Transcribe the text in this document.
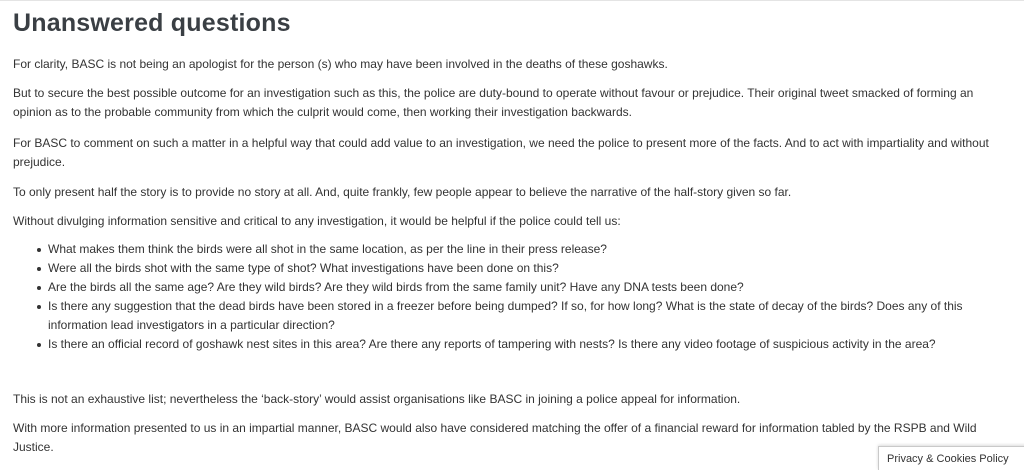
Unanswered questions

For clarity, BASC is not being an apologist for the person (s) who may have been involved in the deaths of these goshawks.

But to secure the best possible outcome for an investigation such as this, the police are duty-bound to operate without favour or prejudice. Their original tweet smacked of forming an opinion as to the probable community from which the culprit would come, then working their investigation backwards.

For BASC to comment on such a matter in a helpful way that could add value to an investigation, we need the police to present more of the facts. And to act with impartiality and without prejudice.

To only present half the story is to provide no story at all. And, quite frankly, few people appear to believe the narrative of the half-story given so far.

Without divulging information sensitive and critical to any investigation, it would be helpful if the police could tell us:

What makes them think the birds were all shot in the same location, as per the line in their press release?
Were all the birds shot with the same type of shot? What investigations have been done on this?
Are the birds all the same age? Are they wild birds? Are they wild birds from the same family unit? Have any DNA tests been done?
Is there any suggestion that the dead birds have been stored in a freezer before being dumped? If so, for how long? What is the state of decay of the birds? Does any of this information lead investigators in a particular direction?
Is there an official record of goshawk nest sites in this area? Are there any reports of tampering with nests? Is there any video footage of suspicious activity in the area?

This is not an exhaustive list; nevertheless the ‘back-story’ would assist organisations like BASC in joining a police appeal for information.

With more information presented to us in an impartial manner, BASC would also have considered matching the offer of a financial reward for information tabled by the RSPB and Wild Justice.

Privacy & Cookies Policy
